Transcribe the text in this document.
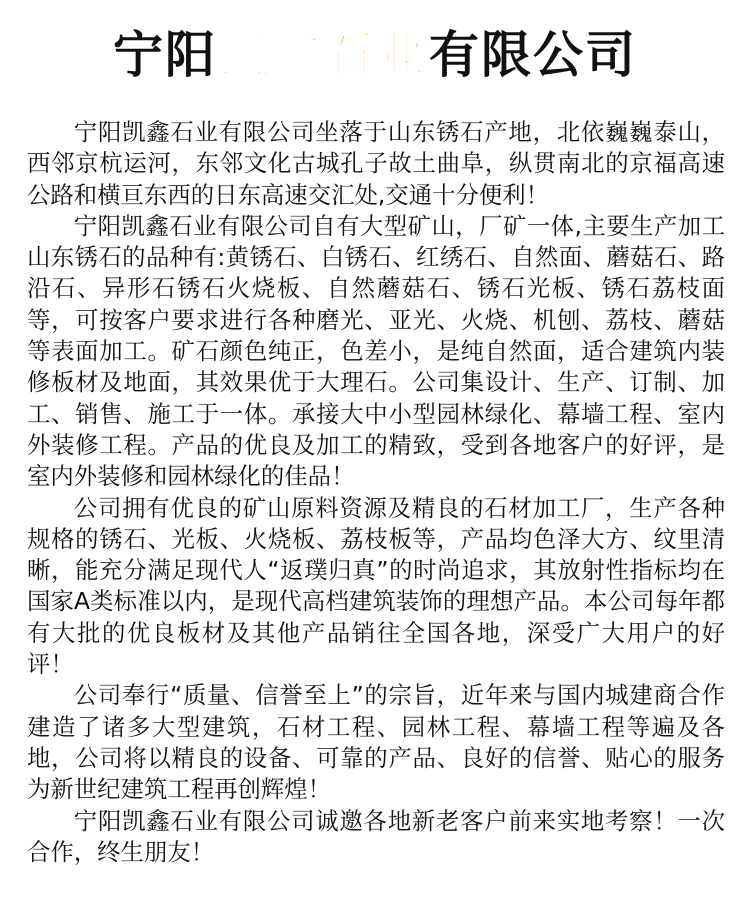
宁阳凯鑫石业有限公司

宁阳凯鑫石业有限公司坐落于山东锈石产地，北依巍巍泰山，西邻京杭运河，东邻文化古城孔子故土曲阜，纵贯南北的京福高速公路和横亘东西的日东高速交汇处,交通十分便利！

宁阳凯鑫石业有限公司自有大型矿山，厂矿一体,主要生产加工山东锈石的品种有:黄锈石、白锈石、红绣石、自然面、蘑菇石、路沿石、异形石锈石火烧板、自然蘑菇石、锈石光板、锈石荔枝面等，可按客户要求进行各种磨光、亚光、火烧、机刨、荔枝、蘑菇等表面加工。矿石颜色纯正，色差小，是纯自然面，适合建筑内装修板材及地面，其效果优于大理石。公司集设计、生产、订制、加工、销售、施工于一体。承接大中小型园林绿化、幕墙工程、室内外装修工程。产品的优良及加工的精致，受到各地客户的好评，是室内外装修和园林绿化的佳品！

公司拥有优良的矿山原料资源及精良的石材加工厂，生产各种规格的锈石、光板、火烧板、荔枝板等，产品均色泽大方、纹里清晰，能充分满足现代人“返璞归真”的时尚追求，其放射性指标均在国家A类标准以内，是现代高档建筑装饰的理想产品。本公司每年都有大批的优良板材及其他产品销往全国各地，深受广大用户的好评！

公司奉行“质量、信誉至上”的宗旨，近年来与国内城建商合作建造了诸多大型建筑，石材工程、园林工程、幕墙工程等遍及各地，公司将以精良的设备、可靠的产品、良好的信誉、贴心的服务为新世纪建筑工程再创辉煌！

宁阳凯鑫石业有限公司诚邀各地新老客户前来实地考察！一次合作，终生朋友！
